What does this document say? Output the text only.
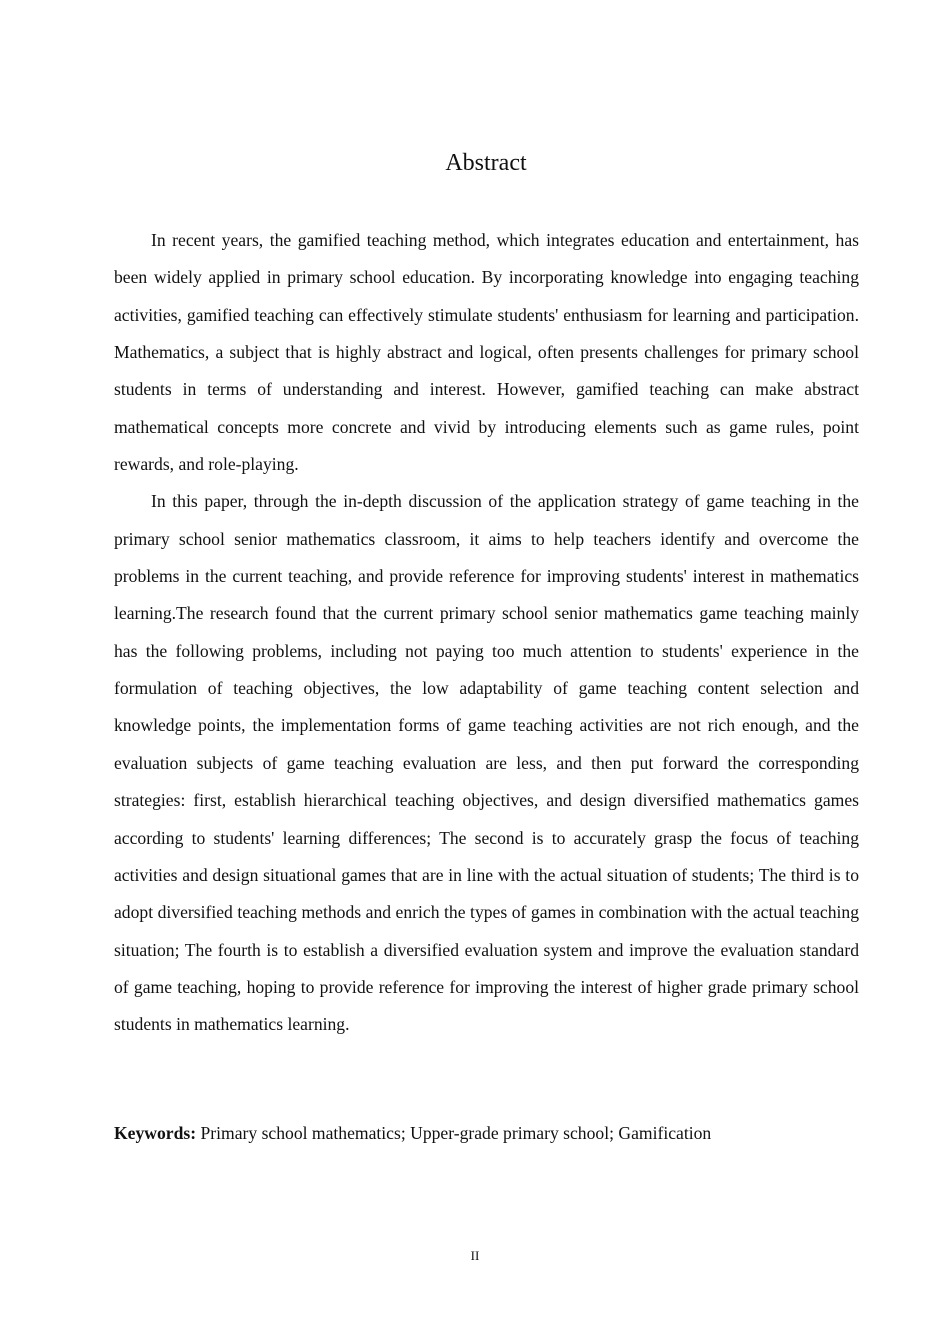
Abstract

In recent years, the gamified teaching method, which integrates education and entertainment, has been widely applied in primary school education. By incorporating knowledge into engaging teaching activities, gamified teaching can effectively stimulate students' enthusiasm for learning and participation. Mathematics, a subject that is highly abstract and logical, often presents challenges for primary school students in terms of understanding and interest. However, gamified teaching can make abstract mathematical concepts more concrete and vivid by introducing elements such as game rules, point rewards, and role-playing.

In this paper, through the in-depth discussion of the application strategy of game teaching in the primary school senior mathematics classroom, it aims to help teachers identify and overcome the problems in the current teaching, and provide reference for improving students' interest in mathematics learning.The research found that the current primary school senior mathematics game teaching mainly has the following problems, including not paying too much attention to students' experience in the formulation of teaching objectives, the low adaptability of game teaching content selection and knowledge points, the implementation forms of game teaching activities are not rich enough, and the evaluation subjects of game teaching evaluation are less, and then put forward the corresponding strategies: first, establish hierarchical teaching objectives, and design diversified mathematics games according to students' learning differences; The second is to accurately grasp the focus of teaching activities and design situational games that are in line with the actual situation of students; The third is to adopt diversified teaching methods and enrich the types of games in combination with the actual teaching situation; The fourth is to establish a diversified evaluation system and improve the evaluation standard of game teaching, hoping to provide reference for improving the interest of higher grade primary school students in mathematics learning.

Keywords: Primary school mathematics; Upper-grade primary school; Gamification

II
